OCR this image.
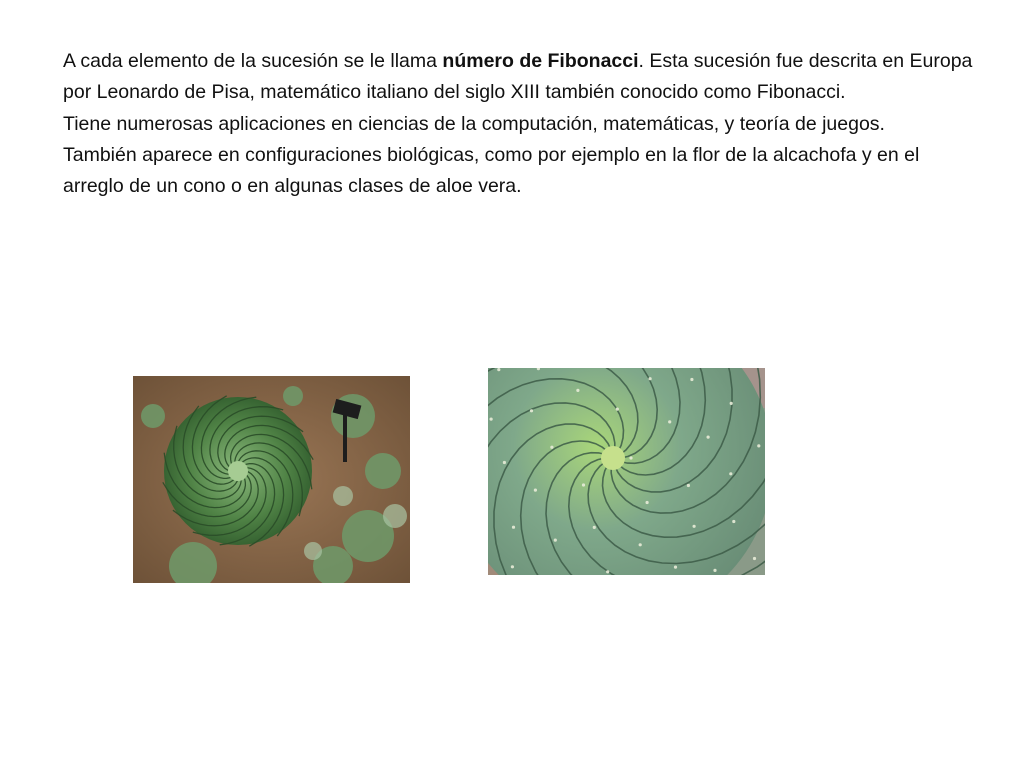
A cada elemento de la sucesión se le llama número de Fibonacci. Esta sucesión fue descrita en Europa por Leonardo de Pisa, matemático italiano del siglo XIII también conocido como Fibonacci.

Tiene numerosas aplicaciones en ciencias de la computación, matemáticas, y teoría de juegos.

También aparece en configuraciones biológicas, como por ejemplo en la flor de la alcachofa y en el arreglo de un cono o en algunas clases de aloe vera.
